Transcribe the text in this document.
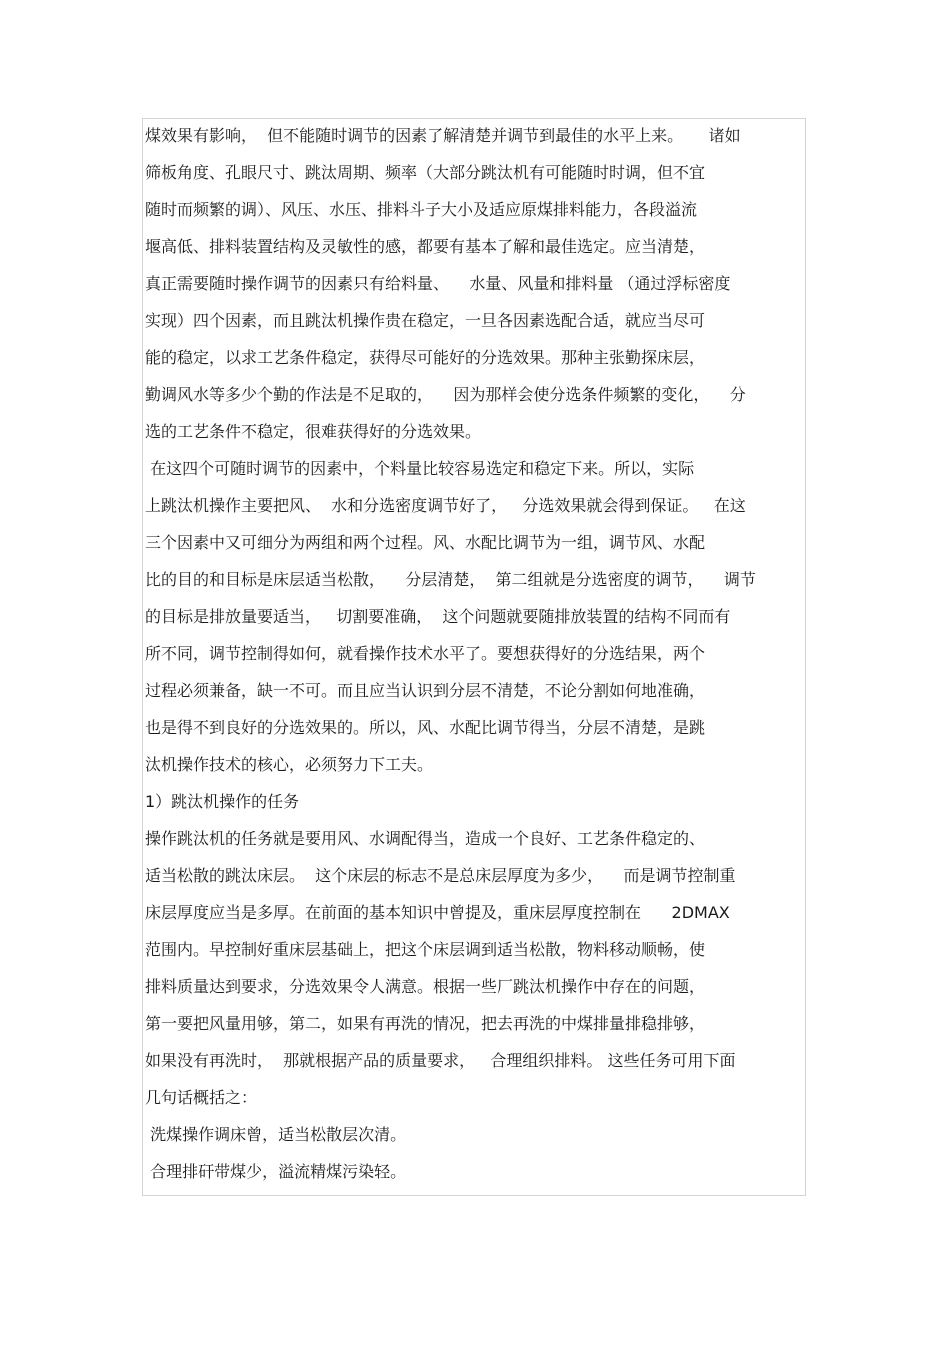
煤效果有影响，  但不能随时调节的因素了解清楚并调节到最佳的水平上来。     诸如
筛板角度、孔眼尺寸、跳汰周期、频率（大部分跳汰机有可能随时时调，但不宜
随时而频繁的调）、风压、水压、排料斗子大小及适应原煤排料能力，各段溢流
堰高低、排料装置结构及灵敏性的感，都要有基本了解和最佳选定。应当清楚，
真正需要随时操作调节的因素只有给料量、    水量、风量和排料量 （通过浮标密度
实现）四个因素，而且跳汰机操作贵在稳定，一旦各因素选配合适，就应当尽可
能的稳定，以求工艺条件稳定，获得尽可能好的分选效果。那种主张勤探床层，
勤调风水等多少个勤的作法是不足取的，    因为那样会使分选条件频繁的变化，    分
选的工艺条件不稳定，很难获得好的分选效果。
在这四个可随时调节的因素中，个料量比较容易选定和稳定下来。所以，实际
上跳汰机操作主要把风、  水和分选密度调节好了，   分选效果就会得到保证。   在这
三个因素中又可细分为两组和两个过程。风、水配比调节为一组，调节风、水配
比的目的和目标是床层适当松散，    分层清楚，  第二组就是分选密度的调节，    调节
的目标是排放量要适当，   切割要准确，  这个问题就要随排放装置的结构不同而有
所不同，调节控制得如何，就看操作技术水平了。要想获得好的分选结果，两个
过程必须兼备，缺一不可。而且应当认识到分层不清楚，不论分割如何地准确，
也是得不到良好的分选效果的。所以，风、水配比调节得当，分层不清楚，是跳
汰机操作技术的核心，必须努力下工夫。
1）跳汰机操作的任务
操作跳汰机的任务就是要用风、水调配得当，造成一个良好、工艺条件稳定的、
适当松散的跳汰床层。  这个床层的标志不是总床层厚度为多少，    而是调节控制重
床层厚度应当是多厚。在前面的基本知识中曾提及，重床层厚度控制在      2DMAX
范围内。早控制好重床层基础上，把这个床层调到适当松散，物料移动顺畅，使
排料质量达到要求，分选效果令人满意。根据一些厂跳汰机操作中存在的问题，
第一要把风量用够，第二，如果有再洗的情况，把去再洗的中煤排量排稳排够，
如果没有再洗时，  那就根据产品的质量要求，   合理组织排料。 这些任务可用下面
几句话概括之：
洗煤操作调床曾，适当松散层次清。
合理排矸带煤少，溢流精煤污染轻。
